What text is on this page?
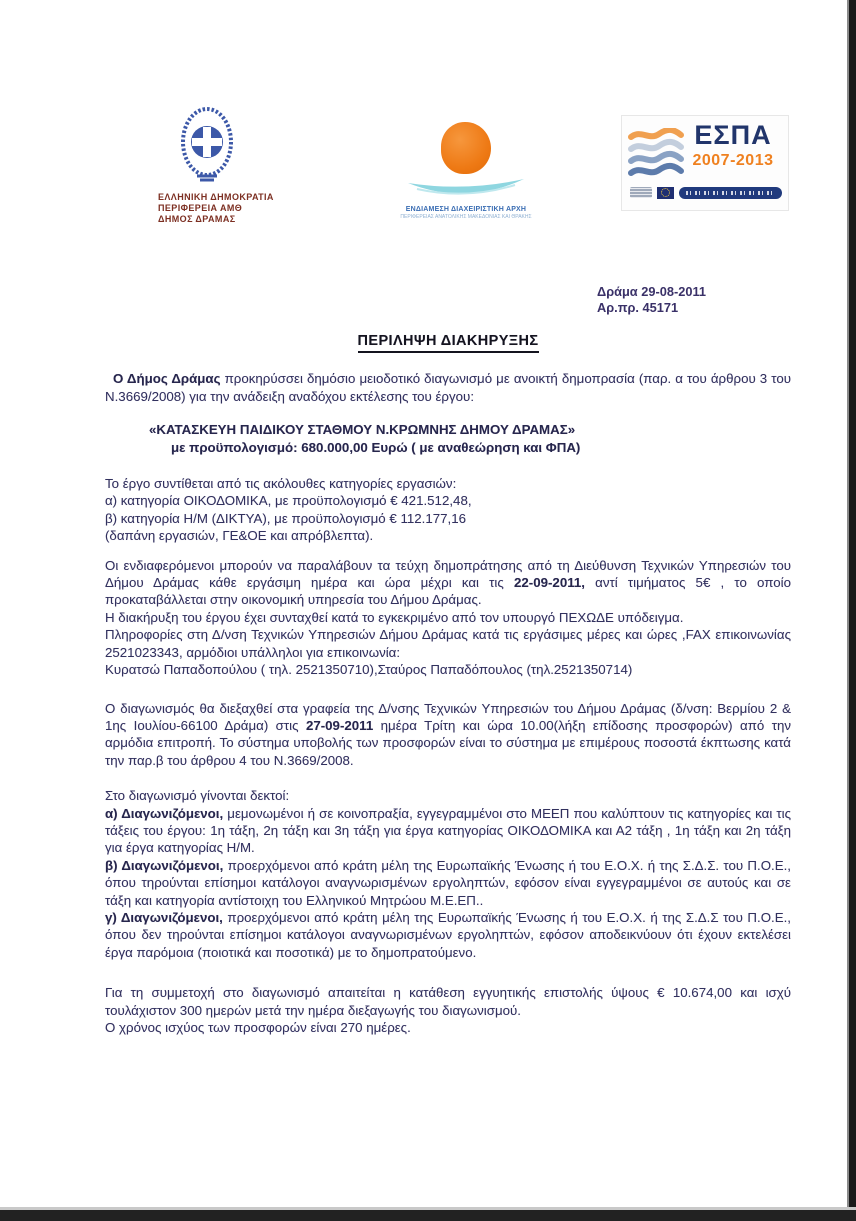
ΕΛΛΗΝΙΚΗ ΔΗΜΟΚΡΑΤΙΑ
ΠΕΡΙΦΕΡΕΙΑ ΑΜΘ
ΔΗΜΟΣ ΔΡΑΜΑΣ
ΕΝΔΙΑΜΕΣΗ ΔΙΑΧΕΙΡΙΣΤΙΚΗ ΑΡΧΗ
ΠΕΡΙΦΕΡΕΙΑΣ ΑΝΑΤΟΛΙΚΗΣ ΜΑΚΕΔΟΝΙΑΣ ΚΑΙ ΘΡΑΚΗΣ
ΕΣΠΑ
2007-2013
Δράμα 29-08-2011
Αρ.πρ. 45171
ΠΕΡΙΛΗΨΗ ΔΙΑΚΗΡΥΞΗΣ

Ο Δήμος Δράμας προκηρύσσει δημόσιο μειοδοτικό διαγωνισμό με ανοικτή δημοπρασία (παρ. α του άρθρου 3 του Ν.3669/2008) για την ανάδειξη αναδόχου εκτέλεσης του έργου:

«ΚΑΤΑΣΚΕΥΗ ΠΑΙΔΙΚΟΥ ΣΤΑΘΜΟΥ Ν.ΚΡΩΜΝΗΣ ΔΗΜΟΥ ΔΡΑΜΑΣ»
με προϋπολογισμό: 680.000,00 Ευρώ ( με αναθεώρηση και ΦΠΑ)
Το έργο συντίθεται από τις ακόλουθες κατηγορίες εργασιών:
α) κατηγορία ΟΙΚΟΔΟΜΙΚΑ, με προϋπολογισμό € 421.512,48,
β) κατηγορία Η/Μ (ΔΙΚΤΥΑ), με προϋπολογισμό € 112.177,16
(δαπάνη εργασιών, ΓΕ&ΟΕ και απρόβλεπτα).

Οι ενδιαφερόμενοι μπορούν να παραλάβουν τα τεύχη δημοπράτησης από τη Διεύθυνση Τεχνικών Υπηρεσιών του Δήμου Δράμας κάθε εργάσιμη ημέρα και ώρα μέχρι και τις 22-09-2011, αντί τιμήματος 5€ , το οποίο προκαταβάλλεται στην οικονομική υπηρεσία του Δήμου Δράμας.

Η διακήρυξη του έργου έχει συνταχθεί κατά το εγκεκριμένο από τον υπουργό ΠΕΧΩΔΕ υπόδειγμα.

Πληροφορίες στη Δ/νση Τεχνικών Υπηρεσιών Δήμου Δράμας κατά τις εργάσιμες μέρες και ώρες ,FAX επικοινωνίας 2521023343, αρμόδιοι υπάλληλοι για επικοινωνία:

Κυρατσώ Παπαδοπούλου ( τηλ. 2521350710),Σταύρος Παπαδόπουλος (τηλ.2521350714)

Ο διαγωνισμός θα διεξαχθεί στα γραφεία της Δ/νσης Τεχνικών Υπηρεσιών του Δήμου Δράμας (δ/νση: Βερμίου 2 & 1ης Ιουλίου-66100 Δράμα) στις 27-09-2011 ημέρα Τρίτη και ώρα 10.00(λήξη επίδοσης προσφορών) από την αρμόδια επιτροπή. Το σύστημα υποβολής των προσφορών είναι το σύστημα με επιμέρους ποσοστά έκπτωσης κατά την παρ.β του άρθρου 4 του Ν.3669/2008.

Στο διαγωνισμό γίνονται δεκτοί:

α) Διαγωνιζόμενοι, μεμονωμένοι ή σε κοινοπραξία, εγγεγραμμένοι στο ΜΕΕΠ που καλύπτουν τις κατηγορίες και τις τάξεις του έργου: 1η τάξη, 2η τάξη και 3η τάξη για έργα κατηγορίας ΟΙΚΟΔΟΜΙΚΑ και Α2 τάξη , 1η τάξη και 2η τάξη για έργα κατηγορίας Η/Μ.

β) Διαγωνιζόμενοι, προερχόμενοι από κράτη μέλη της Ευρωπαϊκής Ένωσης ή του Ε.Ο.Χ. ή της Σ.Δ.Σ. του Π.Ο.Ε., όπου τηρούνται επίσημοι κατάλογοι αναγνωρισμένων εργοληπτών, εφόσον είναι εγγεγραμμένοι σε αυτούς και σε τάξη και κατηγορία αντίστοιχη του Ελληνικού Μητρώου Μ.Ε.ΕΠ..

γ) Διαγωνιζόμενοι, προερχόμενοι από κράτη μέλη της Ευρωπαϊκής Ένωσης ή του Ε.Ο.Χ. ή της Σ.Δ.Σ του Π.Ο.Ε., όπου δεν τηρούνται επίσημοι κατάλογοι αναγνωρισμένων εργοληπτών, εφόσον αποδεικνύουν ότι έχουν εκτελέσει έργα παρόμοια (ποιοτικά και ποσοτικά) με το δημοπρατούμενο.

Για τη συμμετοχή στο διαγωνισμό απαιτείται η κατάθεση εγγυητικής επιστολής ύψους € 10.674,00 και ισχύ τουλάχιστον 300 ημερών μετά την ημέρα διεξαγωγής του διαγωνισμού.

Ο χρόνος ισχύος των προσφορών είναι 270 ημέρες.
